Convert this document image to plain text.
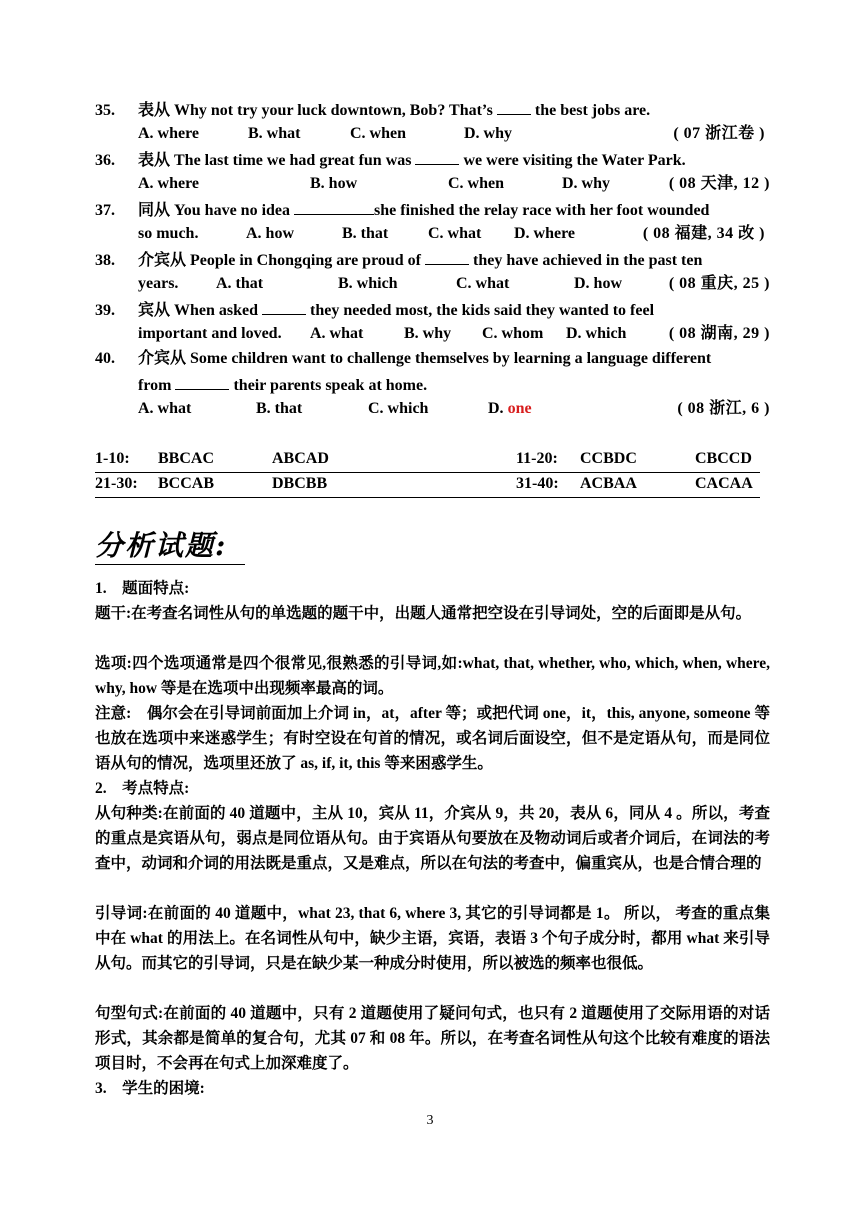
35. 表从 Why not try your luck downtown, Bob? That’s	the best jobs are.
A. where	B. what	C. when	D. why	( 07 浙江卷 )
36. 表从 The last time we had great fun was	we were visiting the Water Park.
A. where	B. how	C. when	D. why	( 08 天津, 12 )
37. 同从 You have no idea	she finished the relay race with her foot wounded
so much.	A. how	B. that C. what D. where	( 08 福建, 34 改 )
38. 介宾从 People in Chongqing are proud of	they have achieved in the past ten
years. A. that	B. which	C. what	D. how	( 08 重庆, 25 )
39. 宾从 When asked	they needed most, the kids said they wanted to feel
important and loved. A. what	B. why C. whom D. which	( 08 湖南, 29 )
40. 介宾从 Some children want to challenge themselves by learning a language different
from	their parents speak at home.
A. what	B. that	C. which	D. one	( 08 浙江, 6 )
1-10: BBCAC	ABCAD	11-20: CCBDC	CBCCD
21-30: BCCAB	DBCBB	31-40: ACBAA	CACAA
分析试题:
1.　题面特点:
题干:在考查名词性从句的单选题的题干中，出题人通常把空设在引导词处，空的后面即是从句。
选项:四个选项通常是四个很常见,很熟悉的引导词,如:what, that, whether, who, which, when, where, why, how 等是在选项中出现频率最高的词。
注意:　偶尔会在引导词前面加上介词 in，at，after 等；或把代词 one，it，this, anyone, someone 等也放在选项中来迷惑学生；有时空设在句首的情况，或名词后面设空，但不是定语从句，而是同位语从句的情况，选项里还放了 as, if, it, this 等来困惑学生。
2.　考点特点:
从句种类:在前面的 40 道题中，主从 10，宾从 11，介宾从 9，共 20，表从 6，同从 4 。所以，考查的重点是宾语从句，弱点是同位语从句。由于宾语从句要放在及物动词后或者介词后，在词法的考查中，动词和介词的用法既是重点，又是难点，所以在句法的考查中，偏重宾从，也是合情合理的
引导词:在前面的 40 道题中，what 23, that 6, where 3, 其它的引导词都是 1。 所以， 考查的重点集中在 what 的用法上。在名词性从句中，缺少主语，宾语，表语 3 个句子成分时，都用 what 来引导从句。而其它的引导词，只是在缺少某一种成分时使用，所以被选的频率也很低。
句型句式:在前面的 40 道题中，只有 2 道题使用了疑问句式，也只有 2 道题使用了交际用语的对话形式，其余都是简单的复合句，尤其 07 和 08 年。所以，在考查名词性从句这个比较有难度的语法项目时，不会再在句式上加深难度了。
3.　学生的困境:
3
